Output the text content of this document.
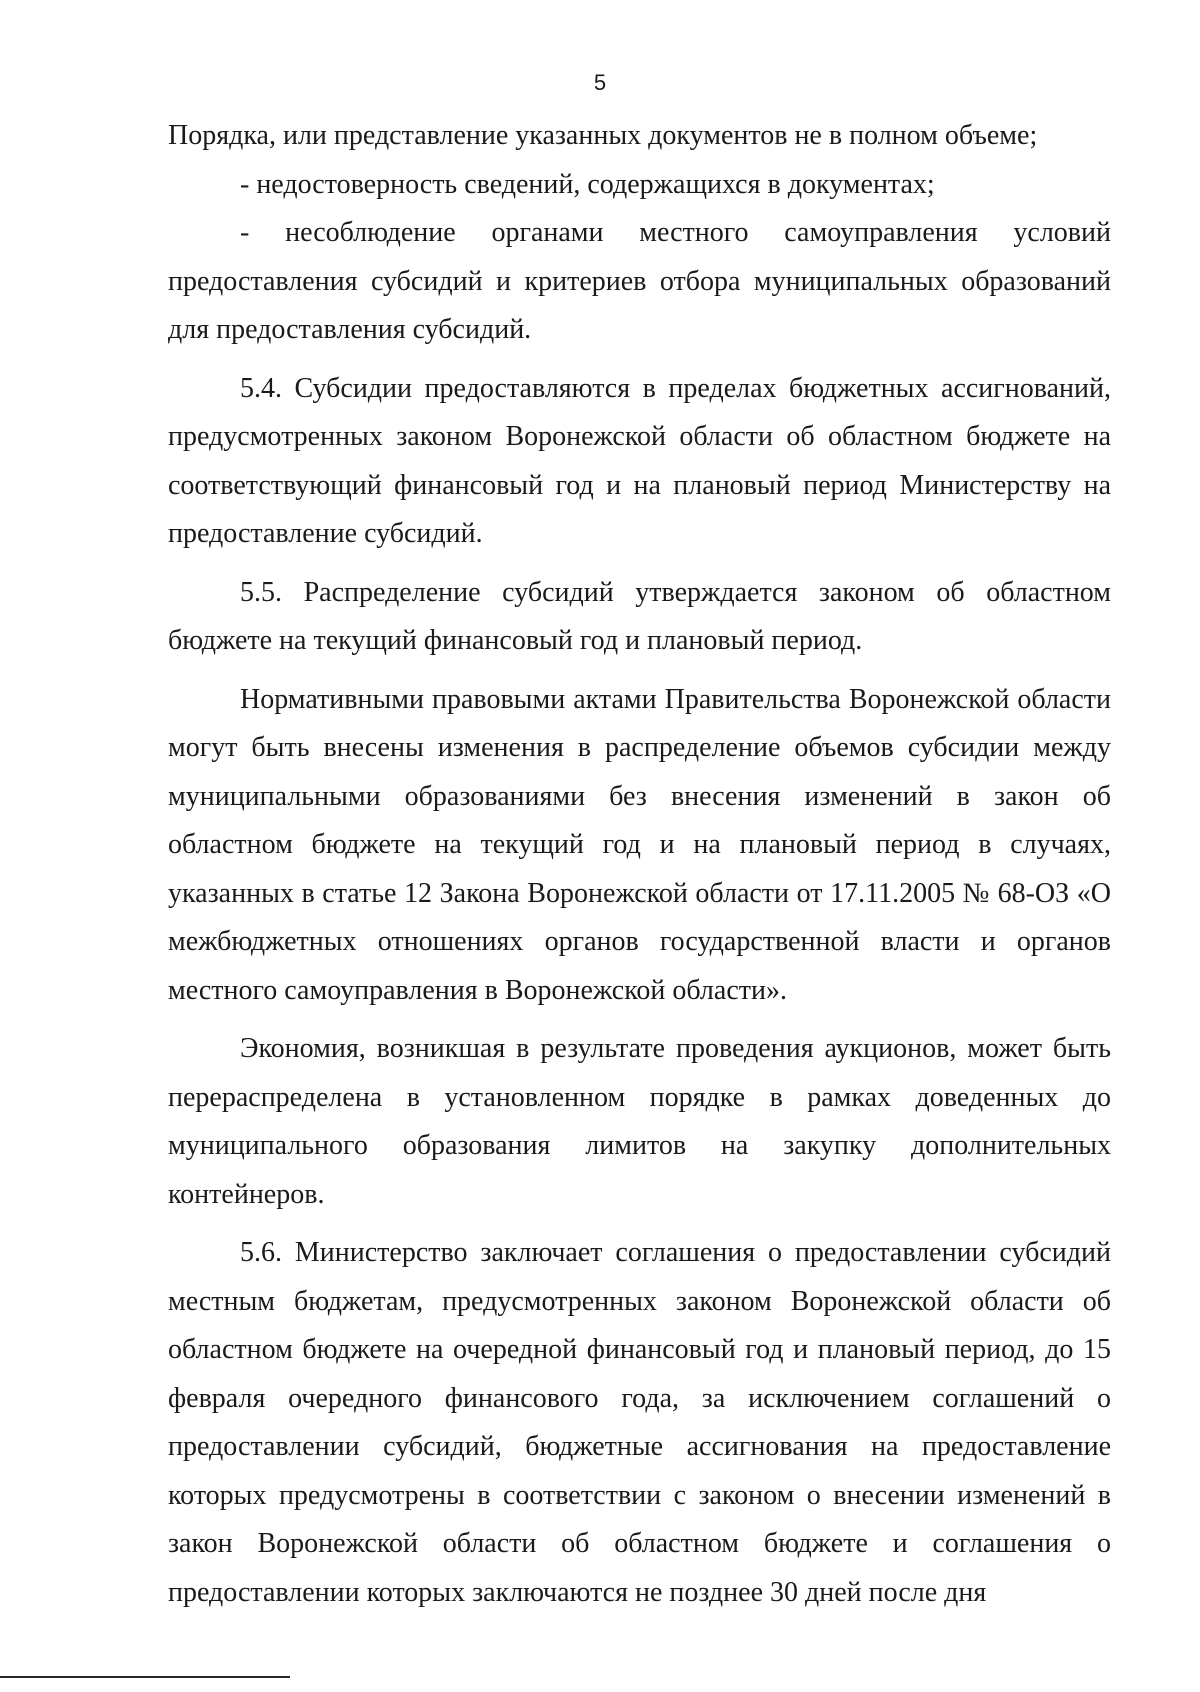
5

Порядка, или представление указанных документов не в полном объеме;

- недостоверность сведений, содержащихся в документах;

- несоблюдение органами местного самоуправления условий предоставления субсидий и критериев отбора муниципальных образований для предоставления субсидий.

5.4. Субсидии предоставляются в пределах бюджетных ассигнований, предусмотренных законом Воронежской области об областном бюджете на соответствующий финансовый год и на плановый период Министерству на предоставление субсидий.

5.5. Распределение субсидий утверждается законом об областном бюджете на текущий финансовый год и плановый период.

Нормативными правовыми актами Правительства Воронежской области могут быть внесены изменения в распределение объемов субсидии между муниципальными образованиями без внесения изменений в закон об областном бюджете на текущий год и на плановый период в случаях, указанных в статье 12 Закона Воронежской области от 17.11.2005 № 68-ОЗ «О межбюджетных отношениях органов государственной власти и органов местного самоуправления в Воронежской области».

Экономия, возникшая в результате проведения аукционов, может быть перераспределена в установленном порядке в рамках доведенных до муниципального образования лимитов на закупку дополнительных контейнеров.

5.6. Министерство заключает соглашения о предоставлении субсидий местным бюджетам, предусмотренных законом Воронежской области об областном бюджете на очередной финансовый год и плановый период, до 15 февраля очередного финансового года, за исключением соглашений о предоставлении субсидий, бюджетные ассигнования на предоставление которых предусмотрены в соответствии с законом о внесении изменений в закон Воронежской области об областном бюджете и соглашения о предоставлении которых заключаются не позднее 30 дней после дня
